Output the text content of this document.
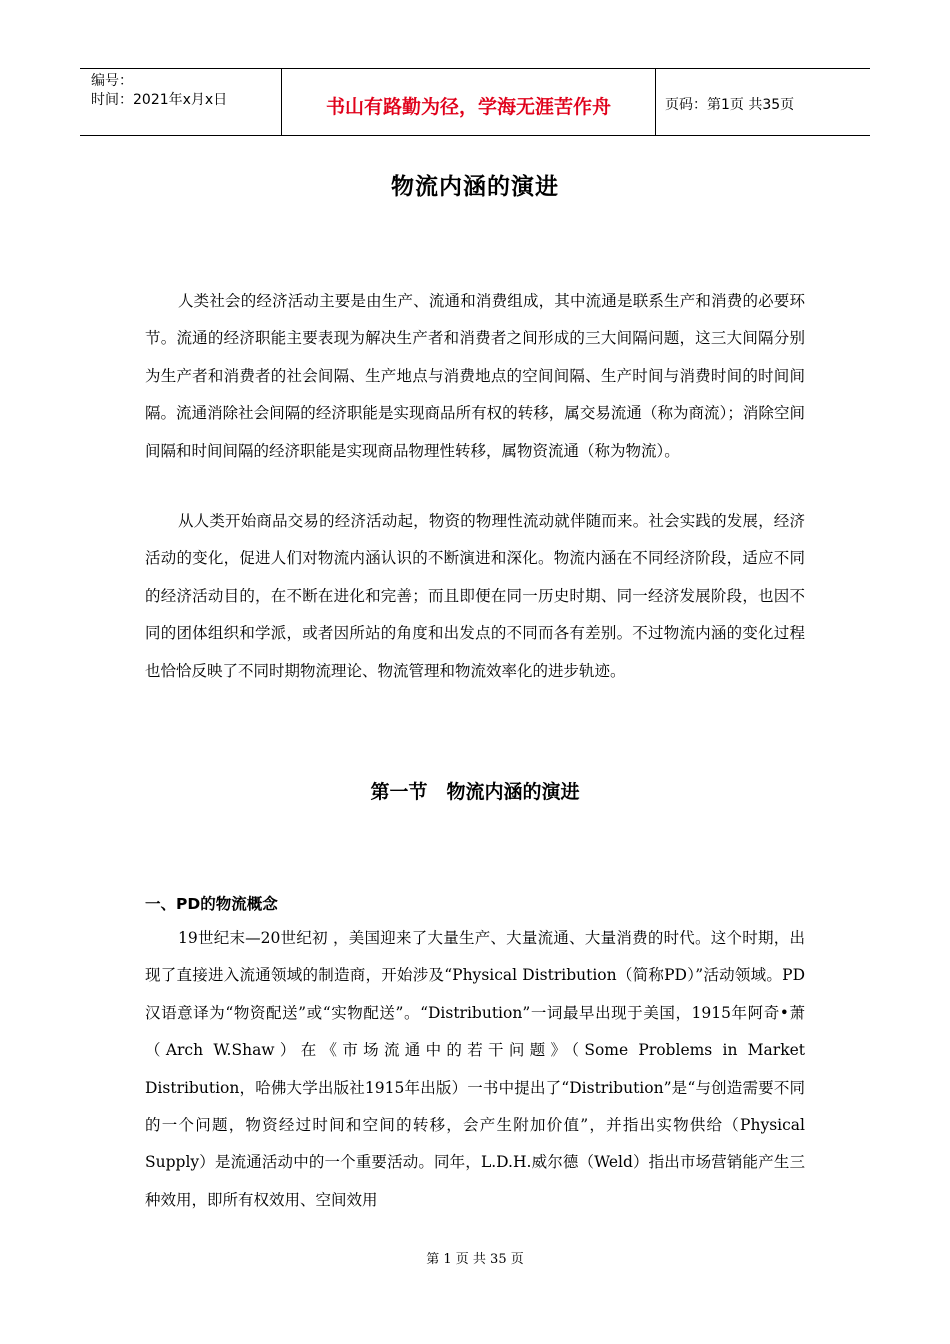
编号：
时间：2021年x月x日	书山有路勤为径，学海无涯苦作舟	页码：第1页 共35页
物流内涵的演进

人类社会的经济活动主要是由生产、流通和消费组成，其中流通是联系生产和消费的必要环节。流通的经济职能主要表现为解决生产者和消费者之间形成的三大间隔问题，这三大间隔分别为生产者和消费者的社会间隔、生产地点与消费地点的空间间隔、生产时间与消费时间的时间间隔。流通消除社会间隔的经济职能是实现商品所有权的转移，属交易流通（称为商流）；消除空间间隔和时间间隔的经济职能是实现商品物理性转移，属物资流通（称为物流）。

从人类开始商品交易的经济活动起，物资的物理性流动就伴随而来。社会实践的发展，经济活动的变化，促进人们对物流内涵认识的不断演进和深化。物流内涵在不同经济阶段，适应不同的经济活动目的，在不断在进化和完善；而且即便在同一历史时期、同一经济发展阶段，也因不同的团体组织和学派，或者因所站的角度和出发点的不同而各有差别。不过物流内涵的变化过程也恰恰反映了不同时期物流理论、物流管理和物流效率化的进步轨迹。

第一节　物流内涵的演进
一、PD的物流概念

19世纪末—20世纪初 ，美国迎来了大量生产、大量流通、大量消费的时代。这个时期，出现了直接进入流通领域的制造商，开始涉及“Physical Distribution（简称PD）”活动领域。PD汉语意译为“物资配送”或“实物配送”。“Distribution”一词最早出现于美国，1915年阿奇•萧（Arch W.Shaw）在《市场流通中的若干问题》（Some Problems in Market Distribution，哈佛大学出版社1915年出版）一书中提出了“Distribution”是“与创造需要不同的一个问题，物资经过时间和空间的转移，会产生附加价值”，并指出实物供给（Physical Supply）是流通活动中的一个重要活动。同年，L.D.H.威尔德（Weld）指出市场营销能产生三种效用，即所有权效用、空间效用

第 1 页 共 35 页
